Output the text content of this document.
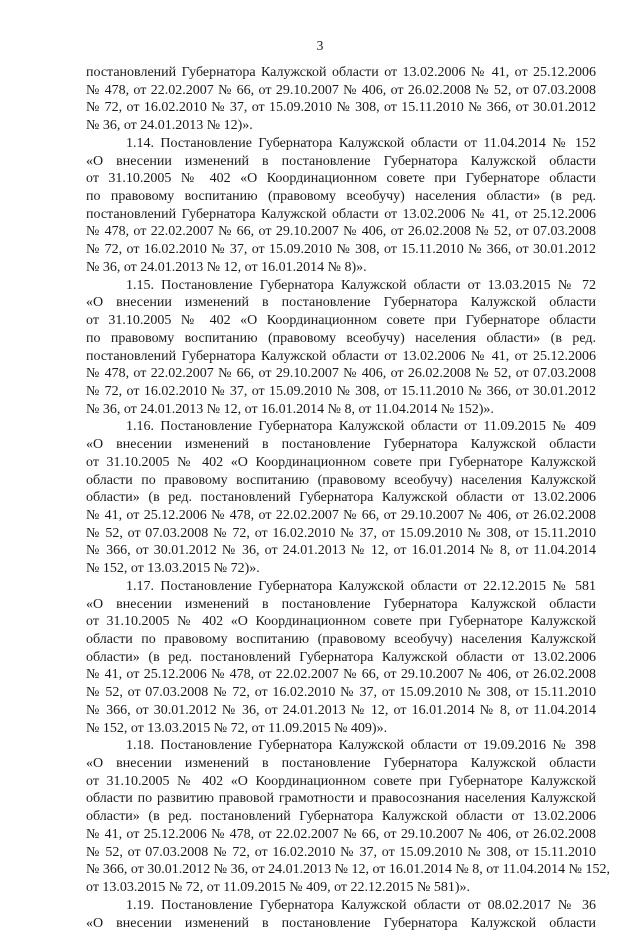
3
постановлений Губернатора Калужской области от 13.02.2006 № 41, от 25.12.2006
№ 478, от 22.02.2007 № 66, от 29.10.2007 № 406, от 26.02.2008 № 52, от 07.03.2008
№ 72, от 16.02.2010 № 37, от 15.09.2010 № 308, от 15.11.2010 № 366, от 30.01.2012
№ 36, от 24.01.2013 № 12)».
1.14. Постановление Губернатора Калужской области от 11.04.2014 № 152
«О внесении изменений в постановление Губернатора Калужской области
от 31.10.2005 № 402 «О Координационном совете при Губернаторе области
по правовому воспитанию (правовому всеобучу) населения области» (в ред.
постановлений Губернатора Калужской области от 13.02.2006 № 41, от 25.12.2006
№ 478, от 22.02.2007 № 66, от 29.10.2007 № 406, от 26.02.2008 № 52, от 07.03.2008
№ 72, от 16.02.2010 № 37, от 15.09.2010 № 308, от 15.11.2010 № 366, от 30.01.2012
№ 36, от 24.01.2013 № 12, от 16.01.2014 № 8)».
1.15. Постановление Губернатора Калужской области от 13.03.2015 № 72
«О внесении изменений в постановление Губернатора Калужской области
от 31.10.2005 № 402 «О Координационном совете при Губернаторе области
по правовому воспитанию (правовому всеобучу) населения области» (в ред.
постановлений Губернатора Калужской области от 13.02.2006 № 41, от 25.12.2006
№ 478, от 22.02.2007 № 66, от 29.10.2007 № 406, от 26.02.2008 № 52, от 07.03.2008
№ 72, от 16.02.2010 № 37, от 15.09.2010 № 308, от 15.11.2010 № 366, от 30.01.2012
№ 36, от 24.01.2013 № 12, от 16.01.2014 № 8, от 11.04.2014 № 152)».
1.16. Постановление Губернатора Калужской области от 11.09.2015 № 409
«О внесении изменений в постановление Губернатора Калужской области
от 31.10.2005 № 402 «О Координационном совете при Губернаторе Калужской
области по правовому воспитанию (правовому всеобучу) населения Калужской
области» (в ред. постановлений Губернатора Калужской области от 13.02.2006
№ 41, от 25.12.2006 № 478, от 22.02.2007 № 66, от 29.10.2007 № 406, от 26.02.2008
№ 52, от 07.03.2008 № 72, от 16.02.2010 № 37, от 15.09.2010 № 308, от 15.11.2010
№ 366, от 30.01.2012 № 36, от 24.01.2013 № 12, от 16.01.2014 № 8, от 11.04.2014
№ 152, от 13.03.2015 № 72)».
1.17. Постановление Губернатора Калужской области от 22.12.2015 № 581
«О внесении изменений в постановление Губернатора Калужской области
от 31.10.2005 № 402 «О Координационном совете при Губернаторе Калужской
области по правовому воспитанию (правовому всеобучу) населения Калужской
области» (в ред. постановлений Губернатора Калужской области от 13.02.2006
№ 41, от 25.12.2006 № 478, от 22.02.2007 № 66, от 29.10.2007 № 406, от 26.02.2008
№ 52, от 07.03.2008 № 72, от 16.02.2010 № 37, от 15.09.2010 № 308, от 15.11.2010
№ 366, от 30.01.2012 № 36, от 24.01.2013 № 12, от 16.01.2014 № 8, от 11.04.2014
№ 152, от 13.03.2015 № 72, от 11.09.2015 № 409)».
1.18. Постановление Губернатора Калужской области от 19.09.2016 № 398
«О внесении изменений в постановление Губернатора Калужской области
от 31.10.2005 № 402 «О Координационном совете при Губернаторе Калужской
области по развитию правовой грамотности и правосознания населения Калужской
области» (в ред. постановлений Губернатора Калужской области от 13.02.2006
№ 41, от 25.12.2006 № 478, от 22.02.2007 № 66, от 29.10.2007 № 406, от 26.02.2008
№ 52, от 07.03.2008 № 72, от 16.02.2010 № 37, от 15.09.2010 № 308, от 15.11.2010
№ 366, от 30.01.2012 № 36, от 24.01.2013 № 12, от 16.01.2014 № 8, от 11.04.2014 № 152,
от 13.03.2015 № 72, от 11.09.2015 № 409, от 22.12.2015 № 581)».
1.19. Постановление Губернатора Калужской области от 08.02.2017 № 36
«О внесении изменений в постановление Губернатора Калужской области
